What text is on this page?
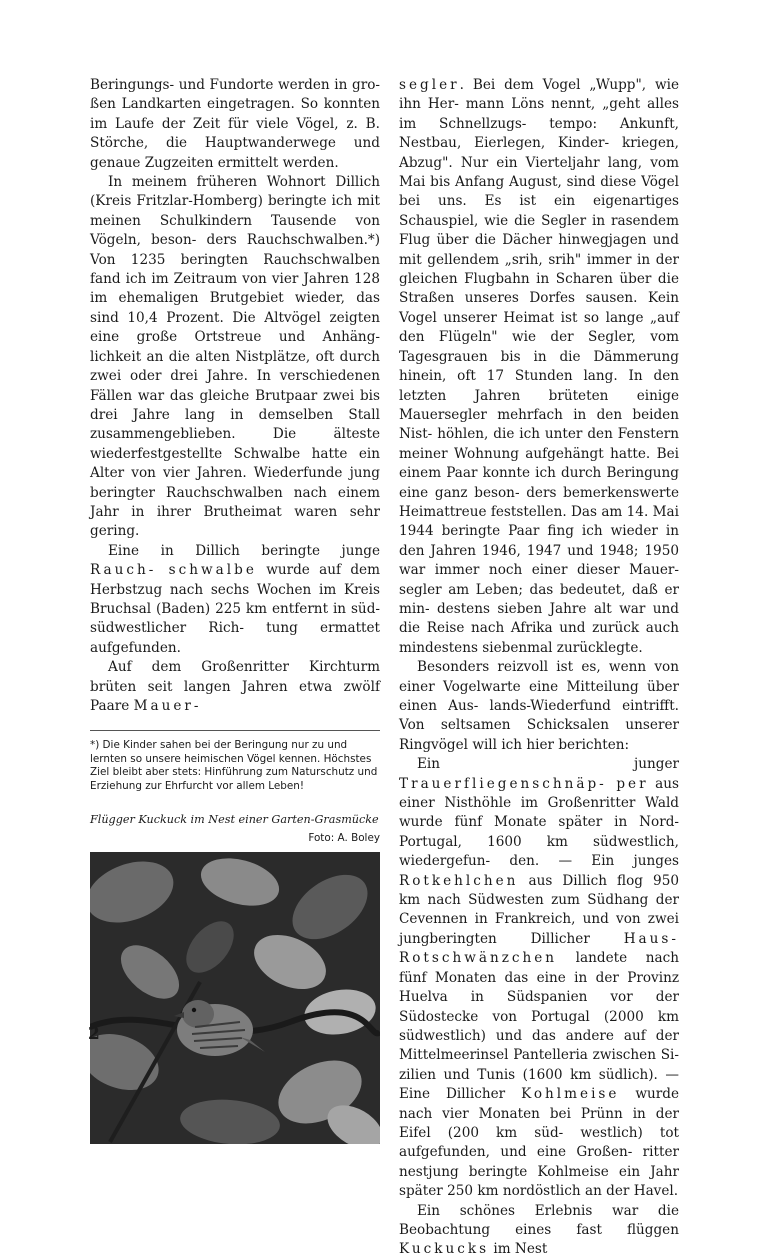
Beringungs- und Fundorte werden in gro- ßen Landkarten eingetragen. So konnten im Laufe der Zeit für viele Vögel, z. B. Störche, die Hauptwanderwege und genaue Zugzeiten ermittelt werden.

In meinem früheren Wohnort Dillich (Kreis Fritzlar-Homberg) beringte ich mit meinen Schulkindern Tausende von Vögeln, beson- ders Rauchschwalben.*) Von 1235 beringten Rauchschwalben fand ich im Zeitraum von vier Jahren 128 im ehemaligen Brutgebiet wieder, das sind 10,4 Prozent. Die Altvögel zeigten eine große Ortstreue und Anhäng- lichkeit an die alten Nistplätze, oft durch zwei oder drei Jahre. In verschiedenen Fällen war das gleiche Brutpaar zwei bis drei Jahre lang in demselben Stall zusammengeblieben. Die älteste wiederfestgestellte Schwalbe hatte ein Alter von vier Jahren. Wiederfunde jung beringter Rauchschwalben nach einem Jahr in ihrer Brutheimat waren sehr gering.

Eine in Dillich beringte junge Rauch- schwalbe wurde auf dem Herbstzug nach sechs Wochen im Kreis Bruchsal (Baden) 225 km entfernt in süd-südwestlicher Rich- tung ermattet aufgefunden.

Auf dem Großenritter Kirchturm brüten seit langen Jahren etwa zwölf Paare Mauer-

*) Die Kinder sahen bei der Beringung nur zu und lernten so unsere heimischen Vögel kennen. Höchstes Ziel bleibt aber stets: Hinführung zum Naturschutz und Erziehung zur Ehrfurcht vor allem Leben!
Flügger Kuckuck im Nest einer Garten-Grasmücke
Foto: A. Boley

segler. Bei dem Vogel „Wupp", wie ihn Her- mann Löns nennt, „geht alles im Schnellzugs- tempo: Ankunft, Nestbau, Eierlegen, Kinder- kriegen, Abzug". Nur ein Vierteljahr lang, vom Mai bis Anfang August, sind diese Vögel bei uns. Es ist ein eigenartiges Schauspiel, wie die Segler in rasendem Flug über die Dächer hinwegjagen und mit gellendem „srih, srih" immer in der gleichen Flugbahn in Scharen über die Straßen unseres Dorfes sausen. Kein Vogel unserer Heimat ist so lange „auf den Flügeln" wie der Segler, vom Tagesgrauen bis in die Dämmerung hinein, oft 17 Stunden lang. In den letzten Jahren brüteten einige Mauersegler mehrfach in den beiden Nist- höhlen, die ich unter den Fenstern meiner Wohnung aufgehängt hatte. Bei einem Paar konnte ich durch Beringung eine ganz beson- ders bemerkenswerte Heimattreue feststellen. Das am 14. Mai 1944 beringte Paar fing ich wieder in den Jahren 1946, 1947 und 1948; 1950 war immer noch einer dieser Mauer- segler am Leben; das bedeutet, daß er min- destens sieben Jahre alt war und die Reise nach Afrika und zurück auch mindestens siebenmal zurücklegte.

Besonders reizvoll ist es, wenn von einer Vogelwarte eine Mitteilung über einen Aus- lands-Wiederfund eintrifft. Von seltsamen Schicksalen unserer Ringvögel will ich hier berichten:

Ein junger Trauerfliegenschnäp- per aus einer Nisthöhle im Großenritter Wald wurde fünf Monate später in Nord- Portugal, 1600 km südwestlich, wiedergefun- den. — Ein junges Rotkehlchen aus Dillich flog 950 km nach Südwesten zum Südhang der Cevennen in Frankreich, und von zwei jungberingten Dillicher Haus- Rotschwänzchen landete nach fünf Monaten das eine in der Provinz Huelva in Südspanien vor der Südostecke von Portugal (2000 km südwestlich) und das andere auf der Mittelmeerinsel Pantelleria zwischen Si- zilien und Tunis (1600 km südlich). — Eine Dillicher Kohlmeise wurde nach vier Monaten bei Prünn in der Eifel (200 km süd- westlich) tot aufgefunden, und eine Großen- ritter nestjung beringte Kohlmeise ein Jahr später 250 km nordöstlich an der Havel.

Ein schönes Erlebnis war die Beobachtung eines fast flüggen Kuckucks im Nest

2
